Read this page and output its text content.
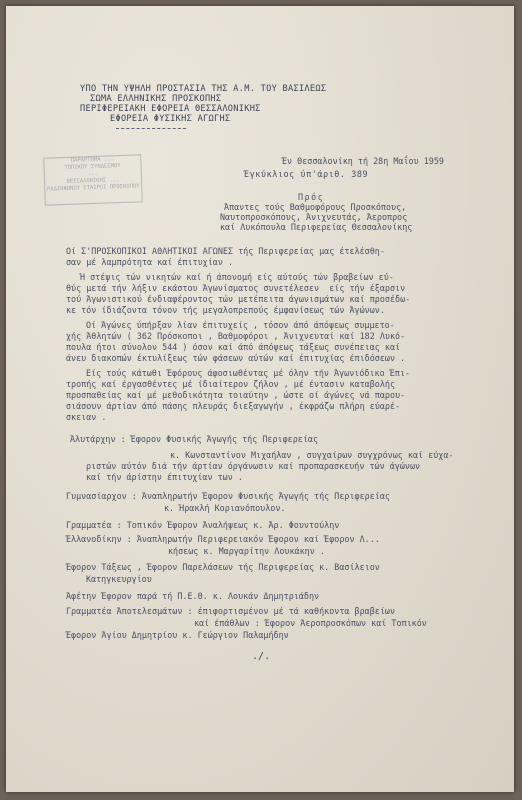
ΥΠΟ ΤΗΝ ΥΨΗΛΗ ΠΡΟΣΤΑΣΙΑ ΤΗΣ Α.Μ. ΤΟΥ ΒΑΣΙΛΕΩΣ

ΣΩΜΑ ΕΛΛΗΝΙΚΗΣ ΠΡΟΣΚΟΠΗΣ

ΠΕΡΙΦΕΡΕΙΑΚΗ ΕΦΟΡΕΙΑ ΘΕΣΣΑΛΟΝΙΚΗΣ

ΕΦΟΡΕΙΑ ΦΥΣΙΚΗΣ ΑΓΩΓΗΣ

ΠΑΡΑΡΤΗΜΑ ...
ΤΟΠΙΚΟΥ ΣΥΝΔΕΣΜΟΥ
...
ΘΕΣΣΑΛΟΝΙΚΗΣ ...
ΡΑΔΙΟΦΩΝΟΥ ΕΤΑΙΡΟΙ ΠΡΟΣΚΟΠΟΥ

Έν Θεσσαλονίκη τή 28η Μαΐου 1959

Έγκύκλιος ύπ'άριθ. 389

Πρός

Άπαντες τούς Βαθμοφόρους Προσκόπους,

Ναυτοπροσκόπους, Άνιχνευτάς, Άεροπρος

καί Λυκόπουλα Περιφερείας Θεσσαλονίκης

Οί Σ'ΠΡΟΣΚΟΠΙΚΟΙ ΑΘΛΗΤΙΚΟΙ ΑΓΩΝΕΣ τής Περιφερείας μας έτελέσθη-

σαν μέ λαμπρότητα καί έπιτυχίαν .

Ή στέψις τών νικητών καί ή άπονομή είς αύτούς τών βραβείων εύ-

θύς μετά τήν λήξιν εκάστου Άγωνίσματος συνετέλεσεν  είς τήν έξαρσιν

τού Άγωνιστικού ένδιαφέροντος τών μετέπειτα άγωνισμάτων καί προσέδω-

κε τόν ίδιάζοντα τόνον τής μεγαλοπρεπούς έμφανίσεως τών Άγώνων.

Οί Άγώνες ύπήρξαν λίαν έπιτυχείς , τόσον άπό άπόψεως συμμετο-

χής Άθλητών ( 362 Πρόσκοποι , Βαθμοφόροι , Άνιχνευταί καί 182 Λυκό-

πουλα ήτοι σύνολον 544 ) όσον καί άπό άπόψεως τάξεως συνέπειας καί

άνευ διακοπών έκτυλίξεως τών φάσεων αύτών καί έπιτυχίας έπιδόσεων .

Είς τούς κάτωθι Έφόρους άφοσιωθέντας μέ όλην τήν Άγωνιόδικο Έπι-

τροπής καί έργασθέντες μέ ίδιαίτερον ζήλον , μέ έντασιν καταβολής

προσπαθείας καί μέ μεθοδικότητα τοιαύτην , ώστε οί άγώνες νά παρου-

σιάσουν άρτίαν άπό πάσης πλευράς διεξαγωγήν , έκφράζω πλήρη εύαρέ-

σκειαν .

Άλυτάρχην : Έφορον Φυσικής Άγωγής τής Περιφερείας

κ. Κωνσταντίνον Μιχαήλαν , συγχαίρων συγχρόνως καί εύχα-

ριστών αύτόν διά τήν άρτίαν όργάνωσιν καί προπαρασκευήν τών άγώνων

καί τήν άρίστην έπιτυχίαν των .

Γυμνασίαρχον : Άναπληρωτήν Έφορον Φυσικής Άγωγής τής Περιφερείας

κ. Ήρακλή Κοριανόπουλον.

Γραμματέα : Τοπικόν Έφορον Άναλήψεως κ. Άρ. Φουντούλην

Έλλανοδίκην : Άναπληρωτήν Περιφερειακόν Έφορον καί Έφορον Λ...

κήσεως κ. Μαργαρίτην Λουκάκην .

Έφορον Τάξεως , Έφορον Παρελάσεων τής Περιφερείας κ. Βασίλειον

Κατηγκευργίου

Άφέτην Έφορον παρά τή Π.Ε.Θ. κ. Λουκάν Δημητριάδην

Γραμματέα Άποτελεσμάτων : έπιφορτισμένον μέ τά καθήκοντα βραβείων

καί έπάθλων : Έφορον Άεροπροσκόπων καί Τοπικόν

Έφορον Άγίου Δημητρίου κ. Γεώργιον Παλαμήδην

./.
